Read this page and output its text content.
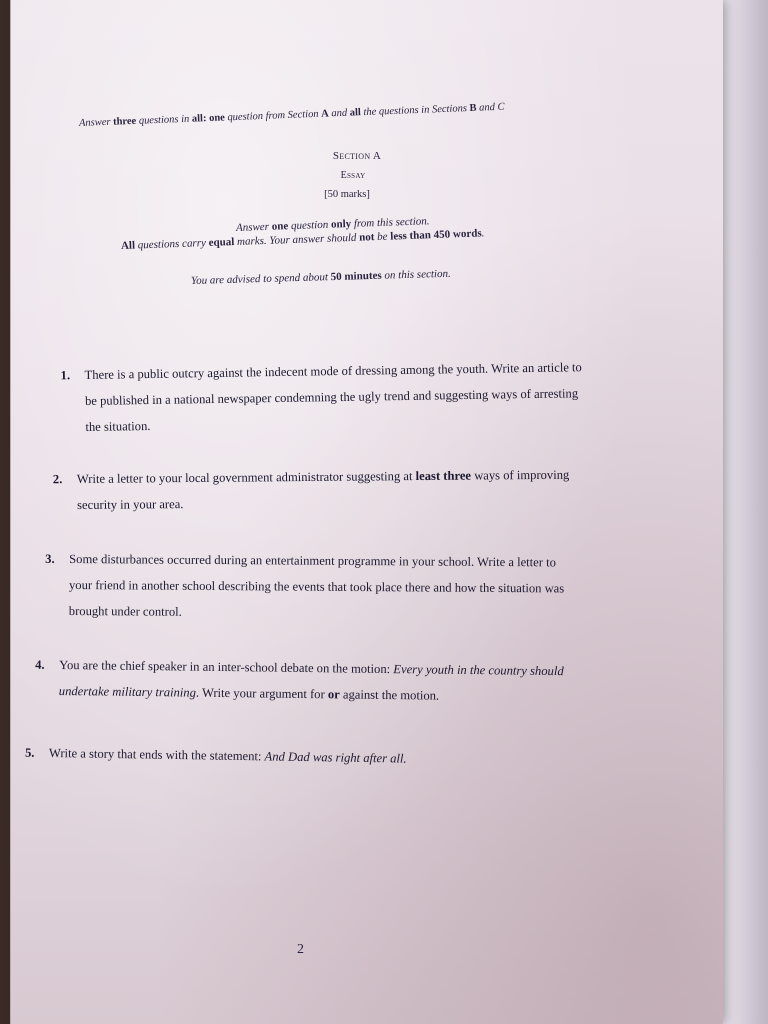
Answer three questions in all: one question from Section A and all the questions in Sections B and C
Section A
Essay
[50 marks]
Answer one question only from this section.
All questions carry equal marks. Your answer should not be less than 450 words.
You are advised to spend about 50 minutes on this section.
1. There is a public outcry against the indecent mode of dressing among the youth. Write an article to
be published in a national newspaper condemning the ugly trend and suggesting ways of arresting
the situation.
2. Write a letter to your local government administrator suggesting at least three ways of improving
security in your area.
3. Some disturbances occurred during an entertainment programme in your school. Write a letter to
your friend in another school describing the events that took place there and how the situation was
brought under control.
4. You are the chief speaker in an inter-school debate on the motion: Every youth in the country should
undertake military training. Write your argument for or against the motion.
5. Write a story that ends with the statement: And Dad was right after all.
2
